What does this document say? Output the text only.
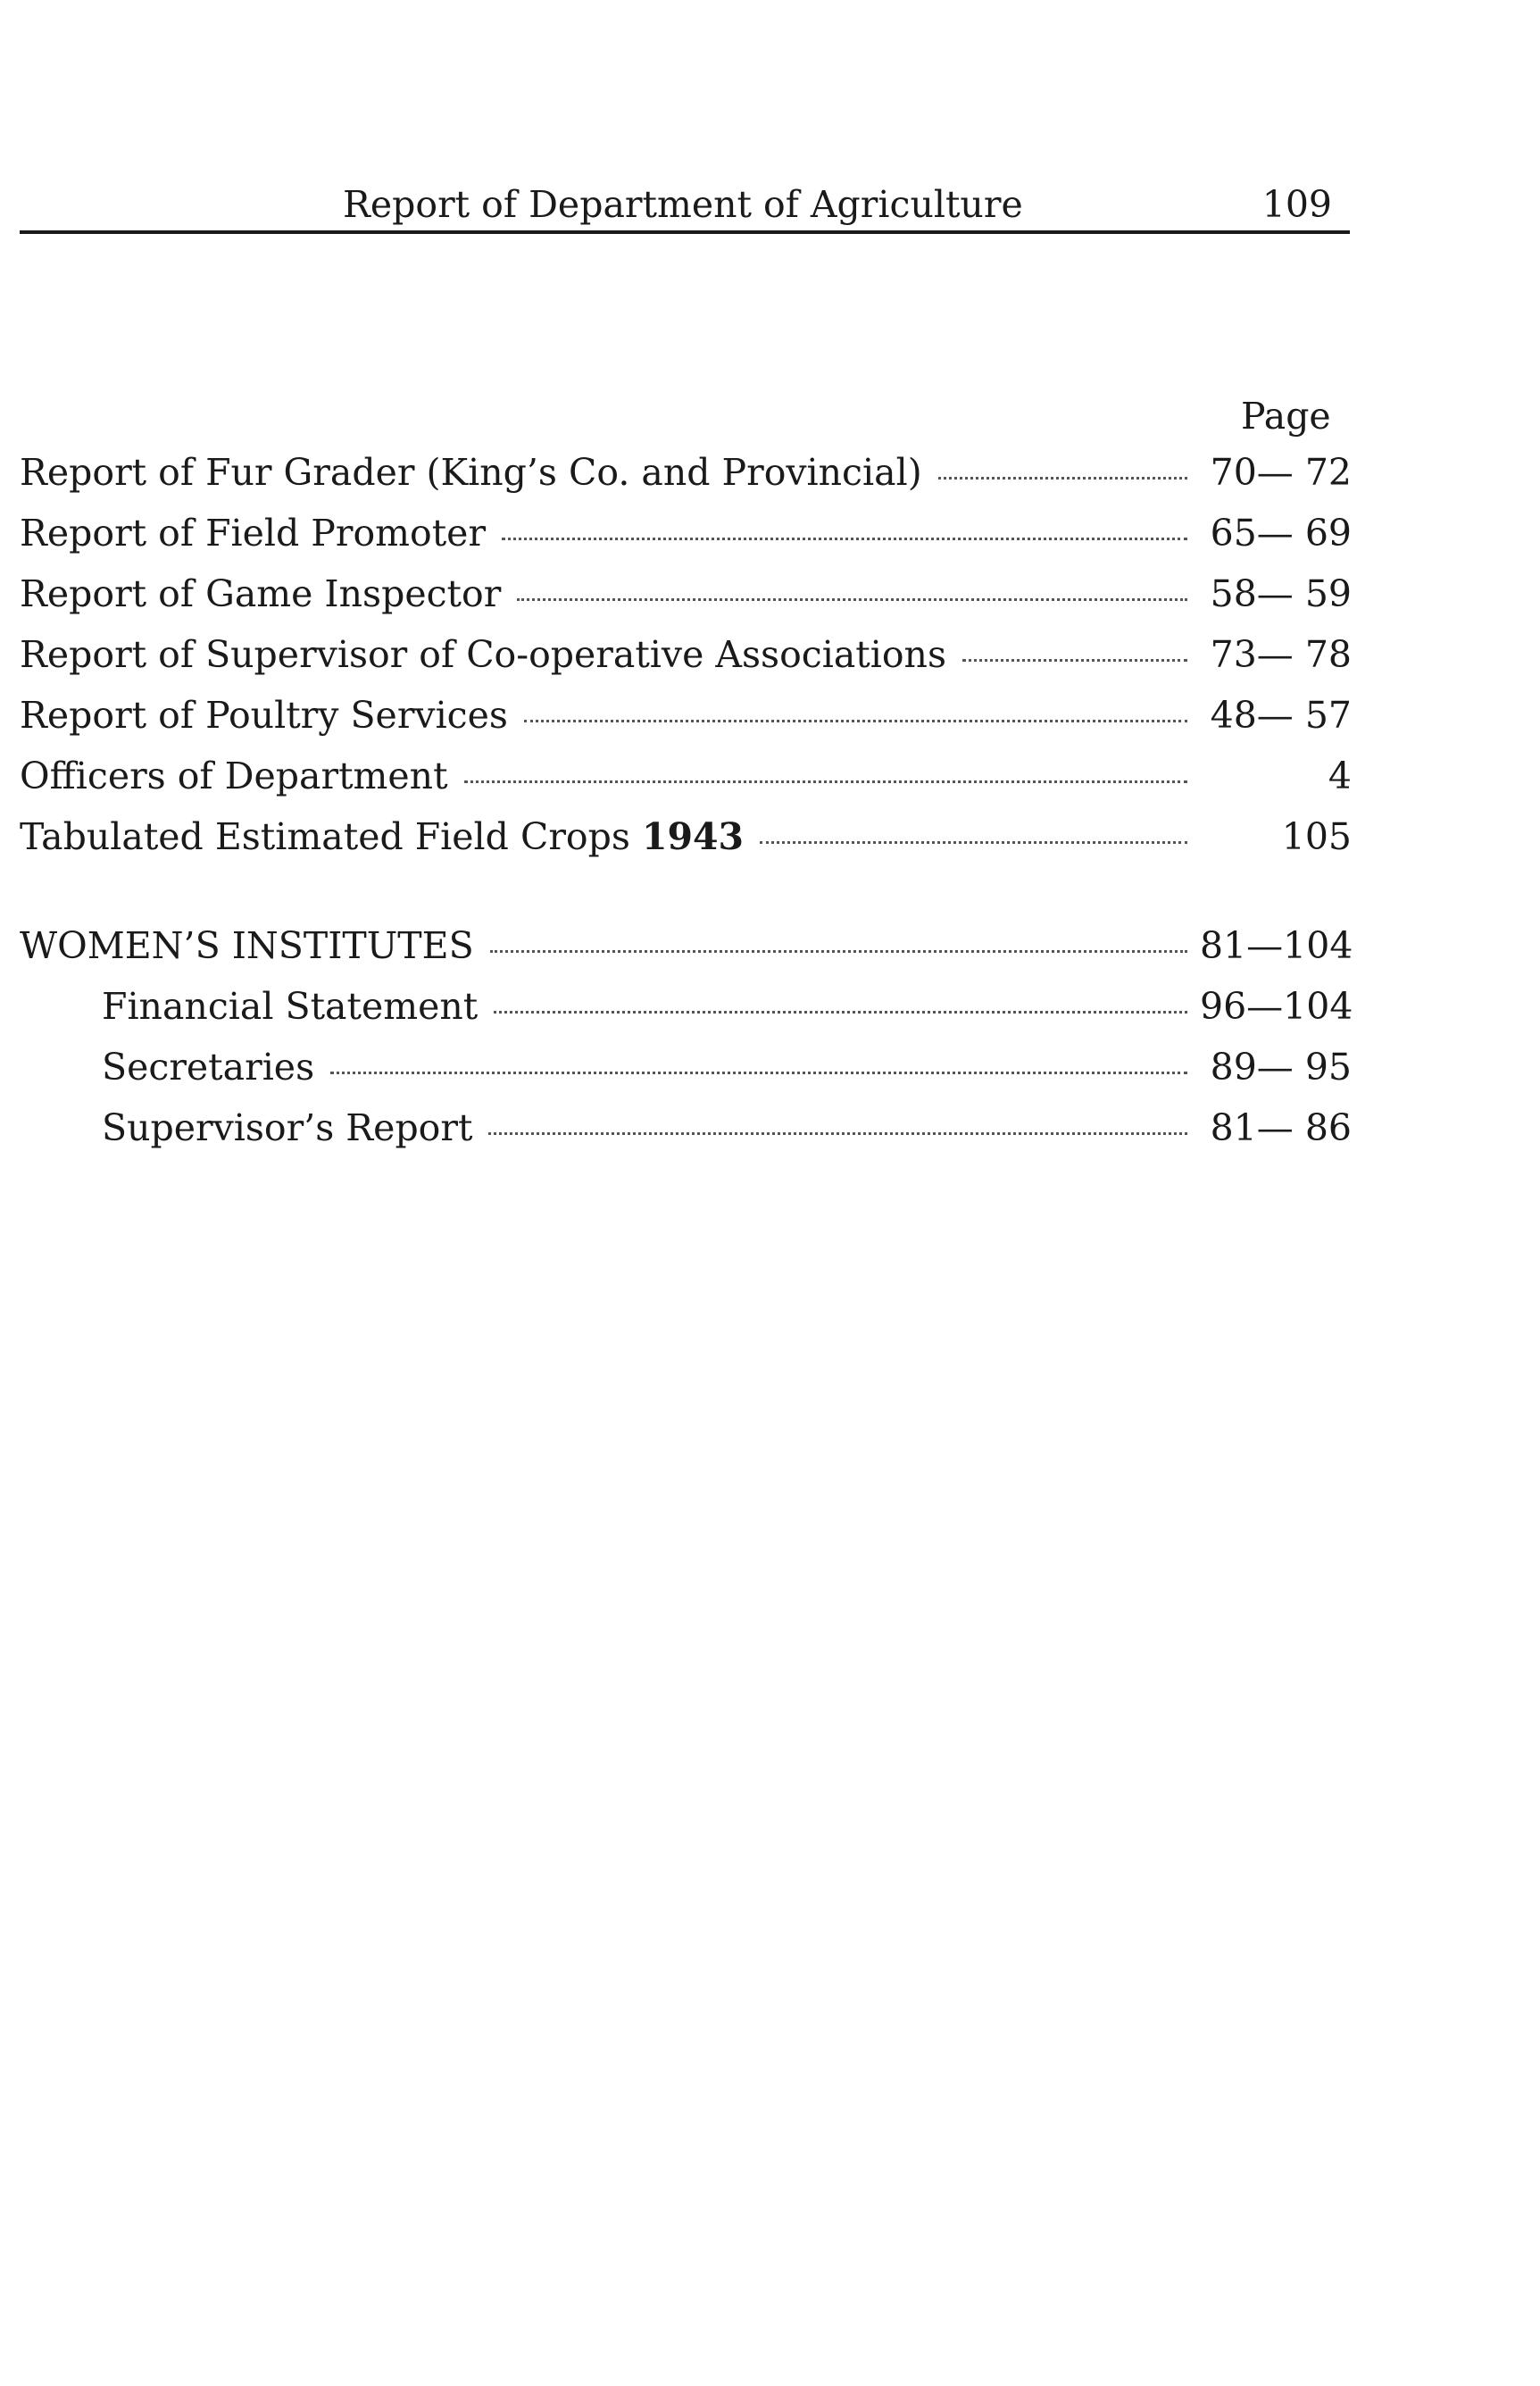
Report of Department of Agriculture	109
Page
Report of Fur Grader (King’s Co. and Provincial)	70— 72
Report of Field Promoter	65— 69
Report of Game Inspector	58— 59
Report of Supervisor of Co-operative Associations	73— 78
Report of Poultry Services	48— 57
Officers of Department	4
Tabulated Estimated Field Crops 1943	105
WOMEN’S INSTITUTES	81—104
Financial Statement	96—104
Secretaries	89— 95
Supervisor’s Report	81— 86
